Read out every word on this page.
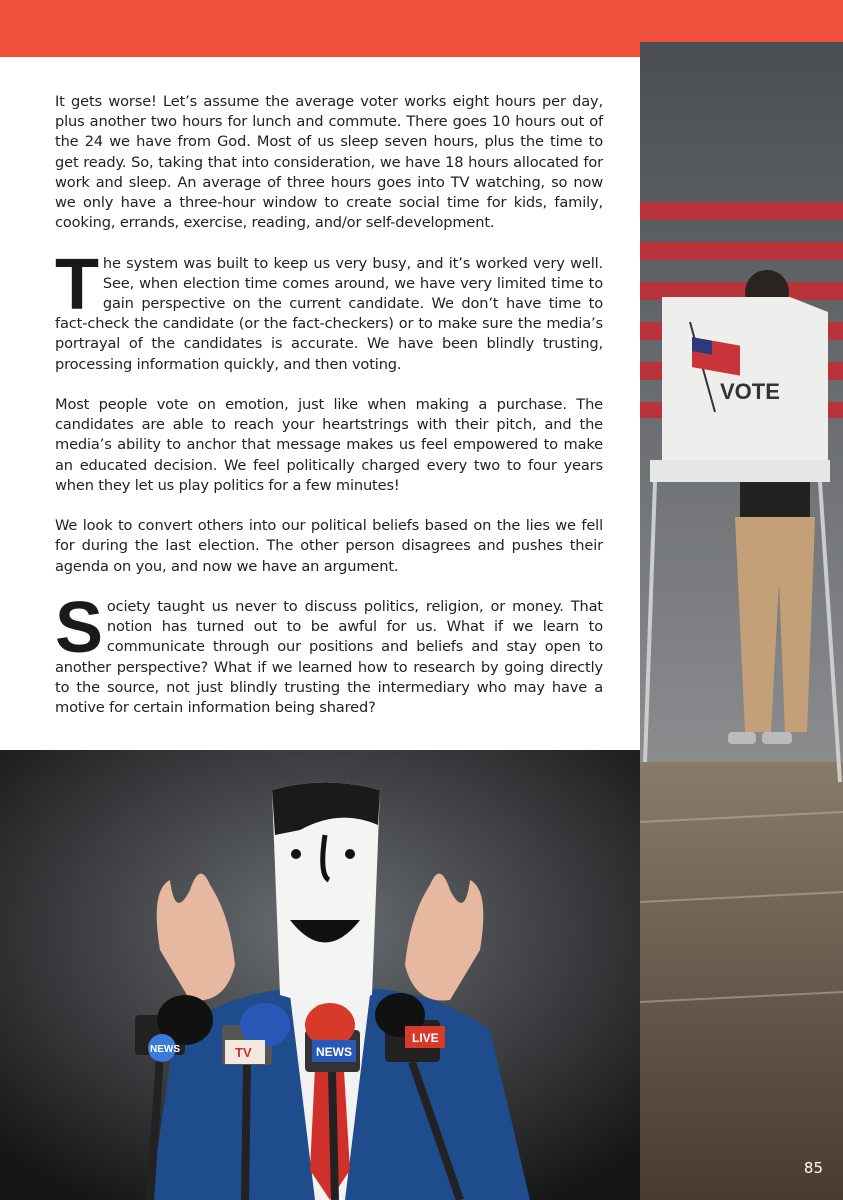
VOTE

It gets worse! Let’s assume the average voter works eight hours per day, plus another two hours for lunch and commute. There goes 10 hours out of the 24 we have from God. Most of us sleep seven hours, plus the time to get ready. So, taking that into consideration, we have 18 hours allocated for work and sleep. An average of three hours goes into TV watching, so now we only have a three-hour window to create social time for kids, family, cooking, errands, exercise, reading, and/or self-development.

The system was built to keep us very busy, and it’s worked very well. See, when election time comes around, we have very limited time to gain perspective on the current candidate. We don’t have time to fact-check the candidate (or the fact-checkers) or to make sure the media’s portrayal of the candidates is accurate. We have been blindly trusting, processing information quickly, and then voting.

Most people vote on emotion, just like when making a purchase. The candidates are able to reach your heartstrings with their pitch, and the media’s ability to anchor that message makes us feel empowered to make an educated decision. We feel politically charged every two to four years when they let us play politics for a few minutes!

We look to convert others into our political beliefs based on the lies we fell for during the last election. The other person disagrees and pushes their agenda on you, and now we have an argument.

Society taught us never to discuss politics, religion, or money. That notion has turned out to be awful for us. What if we learn to communicate through our positions and beliefs and stay open to another perspective? What if we learned how to research by going directly to the source, not just blindly trusting the intermediary who may have a motive for certain information being shared?

NEWS	TV	NEWS
LIVE
85
